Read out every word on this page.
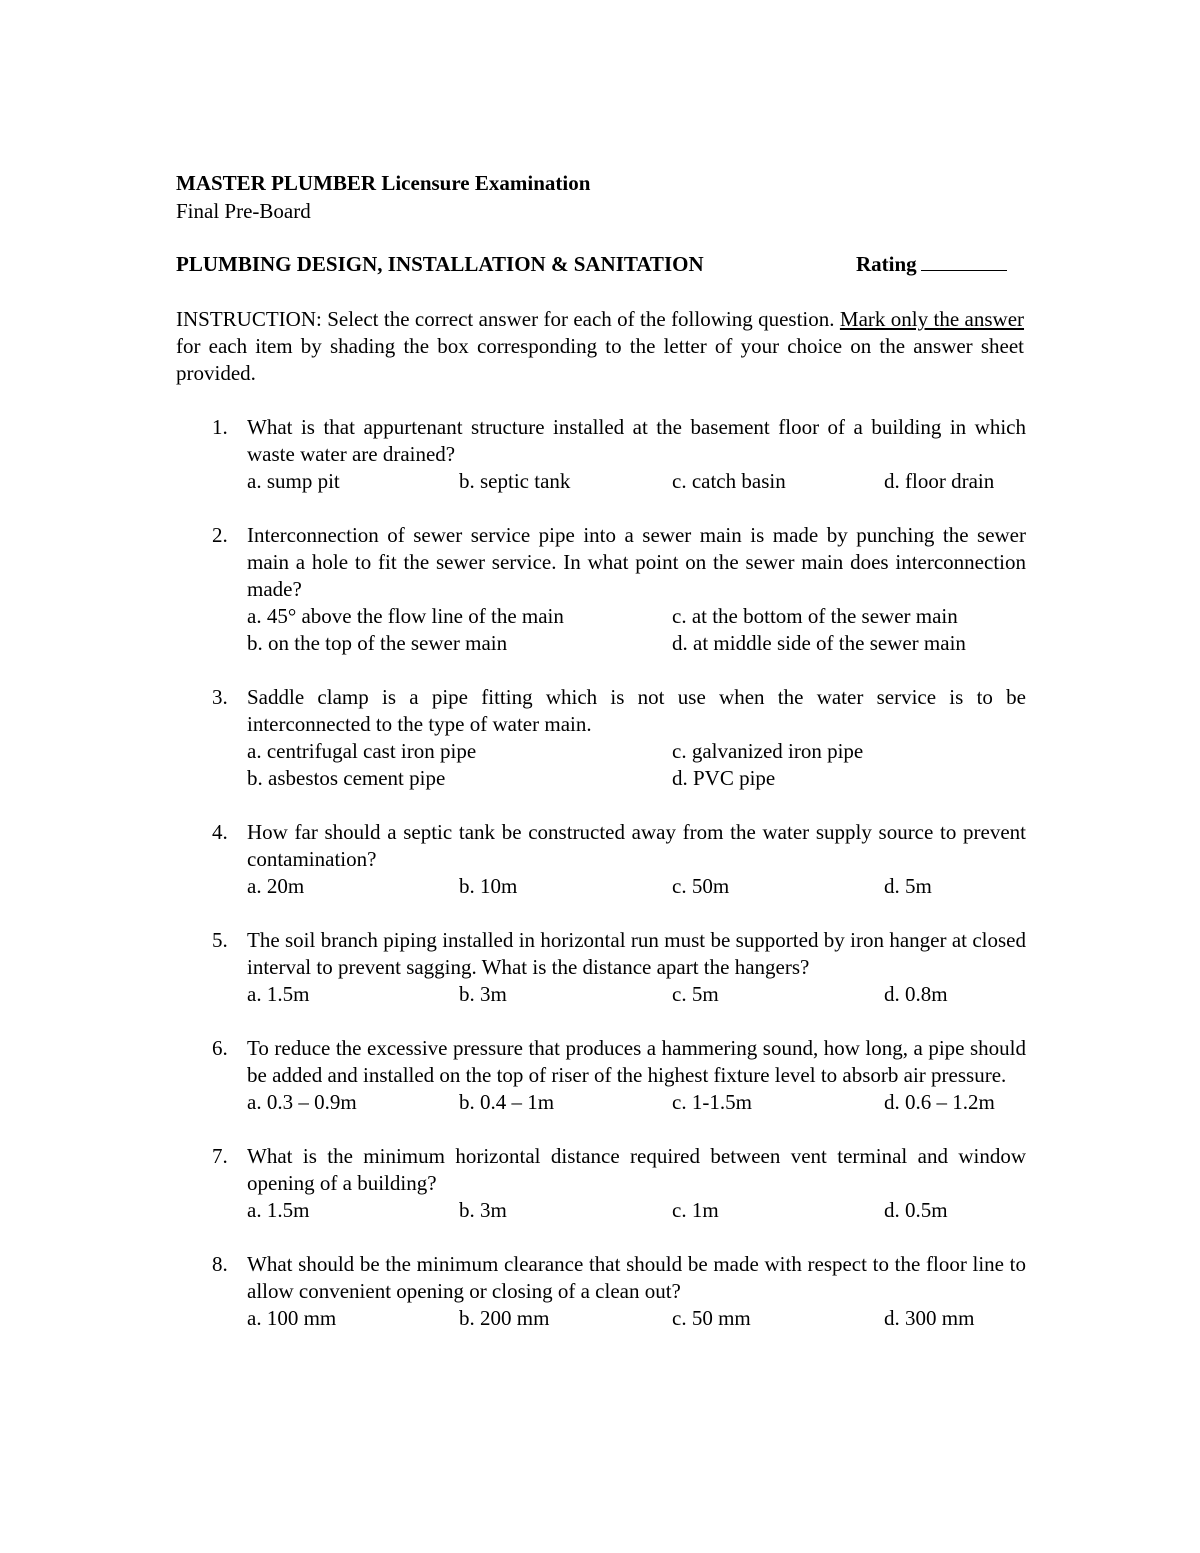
MASTER PLUMBER Licensure Examination
Final Pre-Board
PLUMBING DESIGN, INSTALLATION & SANITATION	Rating
INSTRUCTION: Select the correct answer for each of the following question. Mark only the answer for each item by shading the box corresponding to the letter of your choice on the answer sheet provided.
1. What is that appurtenant structure installed at the basement floor of a building in which waste water are drained?
a. sump pit	b. septic tank	c. catch basin	d. floor drain
2. Interconnection of sewer service pipe into a sewer main is made by punching the sewer main a hole to fit the sewer service. In what point on the sewer main does interconnection made?
a. 45° above the flow line of the main	c. at the bottom of the sewer main
b. on the top of the sewer main	d. at middle side of the sewer main
3. Saddle clamp is a pipe fitting which is not use when the water service is to be interconnected to the type of water main.
a. centrifugal cast iron pipe	c. galvanized iron pipe
b. asbestos cement pipe	d. PVC pipe
4. How far should a septic tank be constructed away from the water supply source to prevent contamination?
a. 20m	b. 10m	c. 50m	d. 5m
5. The soil branch piping installed in horizontal run must be supported by iron hanger at closed interval to prevent sagging. What is the distance apart the hangers?
a. 1.5m	b. 3m	c. 5m	d. 0.8m
6. To reduce the excessive pressure that produces a hammering sound, how long, a pipe should be added and installed on the top of riser of the highest fixture level to absorb air pressure.
a. 0.3 – 0.9m	b. 0.4 – 1m	c. 1-1.5m	d. 0.6 – 1.2m
7. What is the minimum horizontal distance required between vent terminal and window opening of a building?
a. 1.5m	b. 3m	c. 1m	d. 0.5m
8. What should be the minimum clearance that should be made with respect to the floor line to allow convenient opening or closing of a clean out?
a. 100 mm	b. 200 mm	c. 50 mm	d. 300 mm
